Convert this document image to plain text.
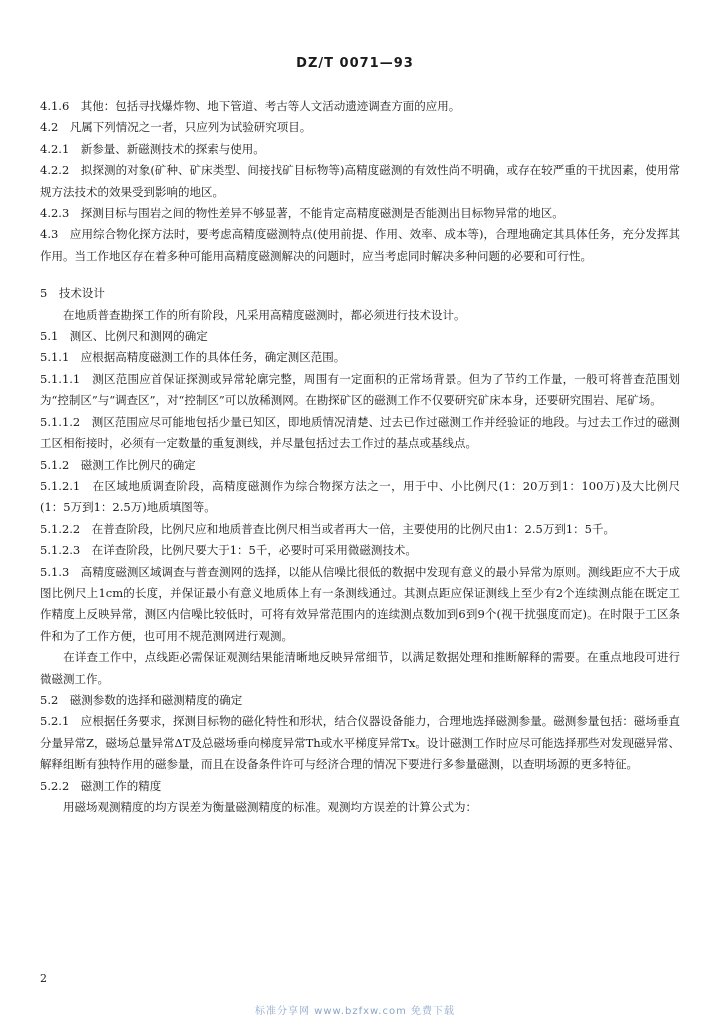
DZ/T 0071—93

4.1.6　其他：包括寻找爆炸物、地下管道、考古等人文活动遗迹调查方面的应用。

4.2　凡属下列情况之一者，只应列为试验研究项目。

4.2.1　新参量、新磁测技术的探索与使用。

4.2.2　拟探测的对象(矿种、矿床类型、间接找矿目标物等)高精度磁测的有效性尚不明确，或存在较严重的干扰因素，使用常规方法技术的效果受到影响的地区。

4.2.3　探测目标与围岩之间的物性差异不够显著，不能肯定高精度磁测是否能测出目标物异常的地区。

4.3　应用综合物化探方法时，要考虑高精度磁测特点(使用前提、作用、效率、成本等)，合理地确定其具体任务，充分发挥其作用。当工作地区存在着多种可能用高精度磁测解决的问题时，应当考虑同时解决多种问题的必要和可行性。

5　技术设计

　　在地质普查勘探工作的所有阶段，凡采用高精度磁测时，都必须进行技术设计。

5.1　测区、比例尺和测网的确定

5.1.1　应根据高精度磁测工作的具体任务，确定测区范围。

5.1.1.1　测区范围应首保证探测或异常轮廓完整，周围有一定面积的正常场背景。但为了节约工作量，一般可将普查范围划为“控制区”与“调查区”，对“控制区”可以放稀测网。在勘探矿区的磁测工作不仅要研究矿床本身，还要研究围岩、尾矿场。

5.1.1.2　测区范围应尽可能地包括少量已知区，即地质情况清楚、过去已作过磁测工作并经验证的地段。与过去工作过的磁测工区相衔接时，必须有一定数量的重复测线，并尽量包括过去工作过的基点或基线点。

5.1.2　磁测工作比例尺的确定

5.1.2.1　在区域地质调查阶段，高精度磁测作为综合物探方法之一，用于中、小比例尺(1：20万到1：100万)及大比例尺(1：5万到1：2.5万)地质填图等。

5.1.2.2　在普查阶段，比例尺应和地质普查比例尺相当或者再大一倍，主要使用的比例尺由1：2.5万到1：5千。

5.1.2.3　在详查阶段，比例尺要大于1：5千，必要时可采用微磁测技术。

5.1.3　高精度磁测区域调查与普查测网的选择，以能从信噪比很低的数据中发现有意义的最小异常为原则。测线距应不大于成图比例尺上1cm的长度，并保证最小有意义地质体上有一条测线通过。其测点距应保证测线上至少有2个连续测点能在既定工作精度上反映异常，测区内信噪比较低时，可将有效异常范围内的连续测点数加到6到9个(视干扰强度而定)。在时限于工区条件和为了工作方便，也可用不规范测网进行观测。

　　在详查工作中，点线距必需保证观测结果能清晰地反映异常细节，以满足数据处理和推断解释的需要。在重点地段可进行微磁测工作。

5.2　磁测参数的选择和磁测精度的确定

5.2.1　应根据任务要求，探测目标物的磁化特性和形状，结合仪器设备能力，合理地选择磁测参量。磁测参量包括：磁场垂直分量异常Z，磁场总量异常ΔT及总磁场垂向梯度异常Th或水平梯度异常Tx。设计磁测工作时应尽可能选择那些对发现磁异常、解释组断有独特作用的磁参量，而且在设备条件许可与经济合理的情况下要进行多参量磁测，以查明场源的更多特征。

5.2.2　磁测工作的精度

　　用磁场观测精度的均方误差为衡量磁测精度的标准。观测均方误差的计算公式为：

2
标准分享网 www.bzfxw.com 免费下载
